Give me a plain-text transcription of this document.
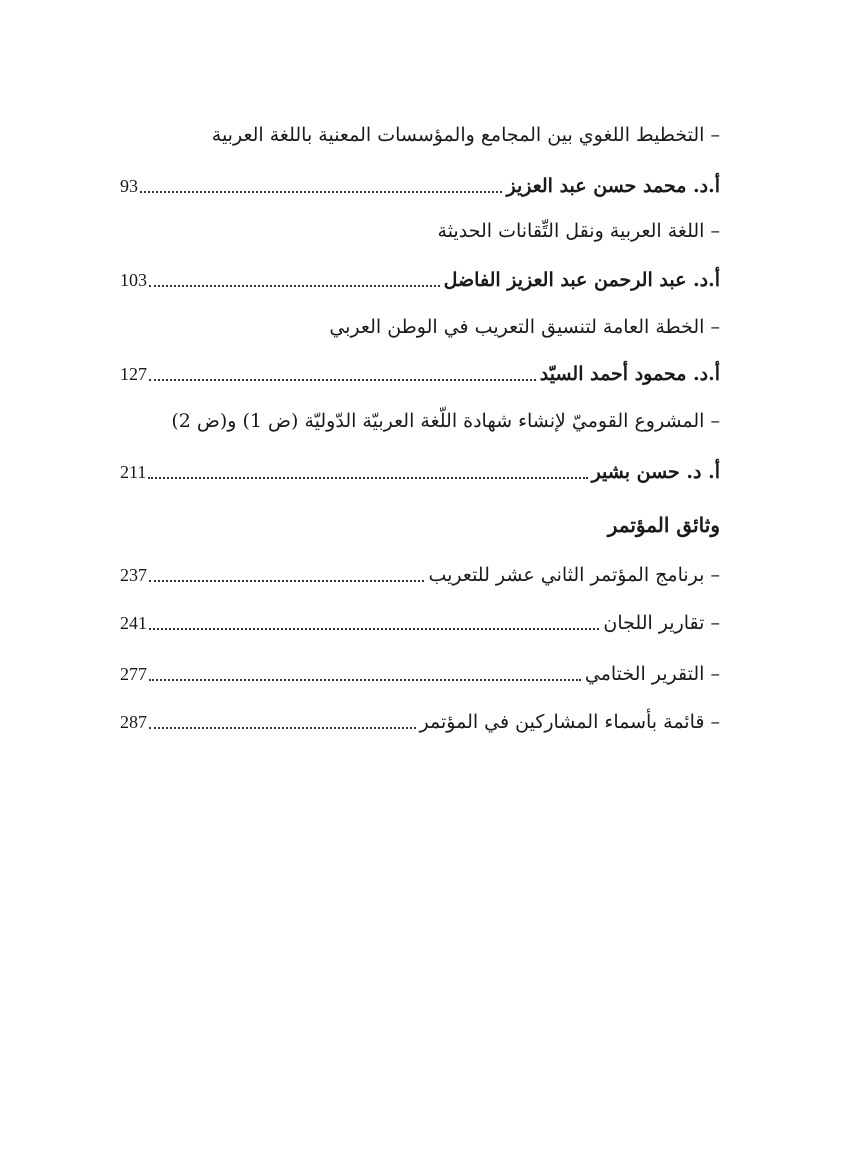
– التخطيط اللغوي بين المجامع والمؤسسات المعنية باللغة العربية
أ.د. محمد حسن عبد العزيز
93
– اللغة العربية ونقل التِّقانات الحديثة
أ.د. عبد الرحمن عبد العزيز الفاضل
103
– الخطة العامة لتنسيق التعريب في الوطن العربي
أ.د. محمود أحمد السيّد
127
– المشروع القوميّ لإنشاء شهادة اللّغة العربيّة الدّوليّة (ض 1) و(ض 2)
أ. د. حسن بشير
211
وثائق المؤتمر
– برنامج المؤتمر الثاني عشر للتعريب
237
– تقارير اللجان
241
– التقرير الختامي
277
– قائمة بأسماء المشاركين في المؤتمر
287
